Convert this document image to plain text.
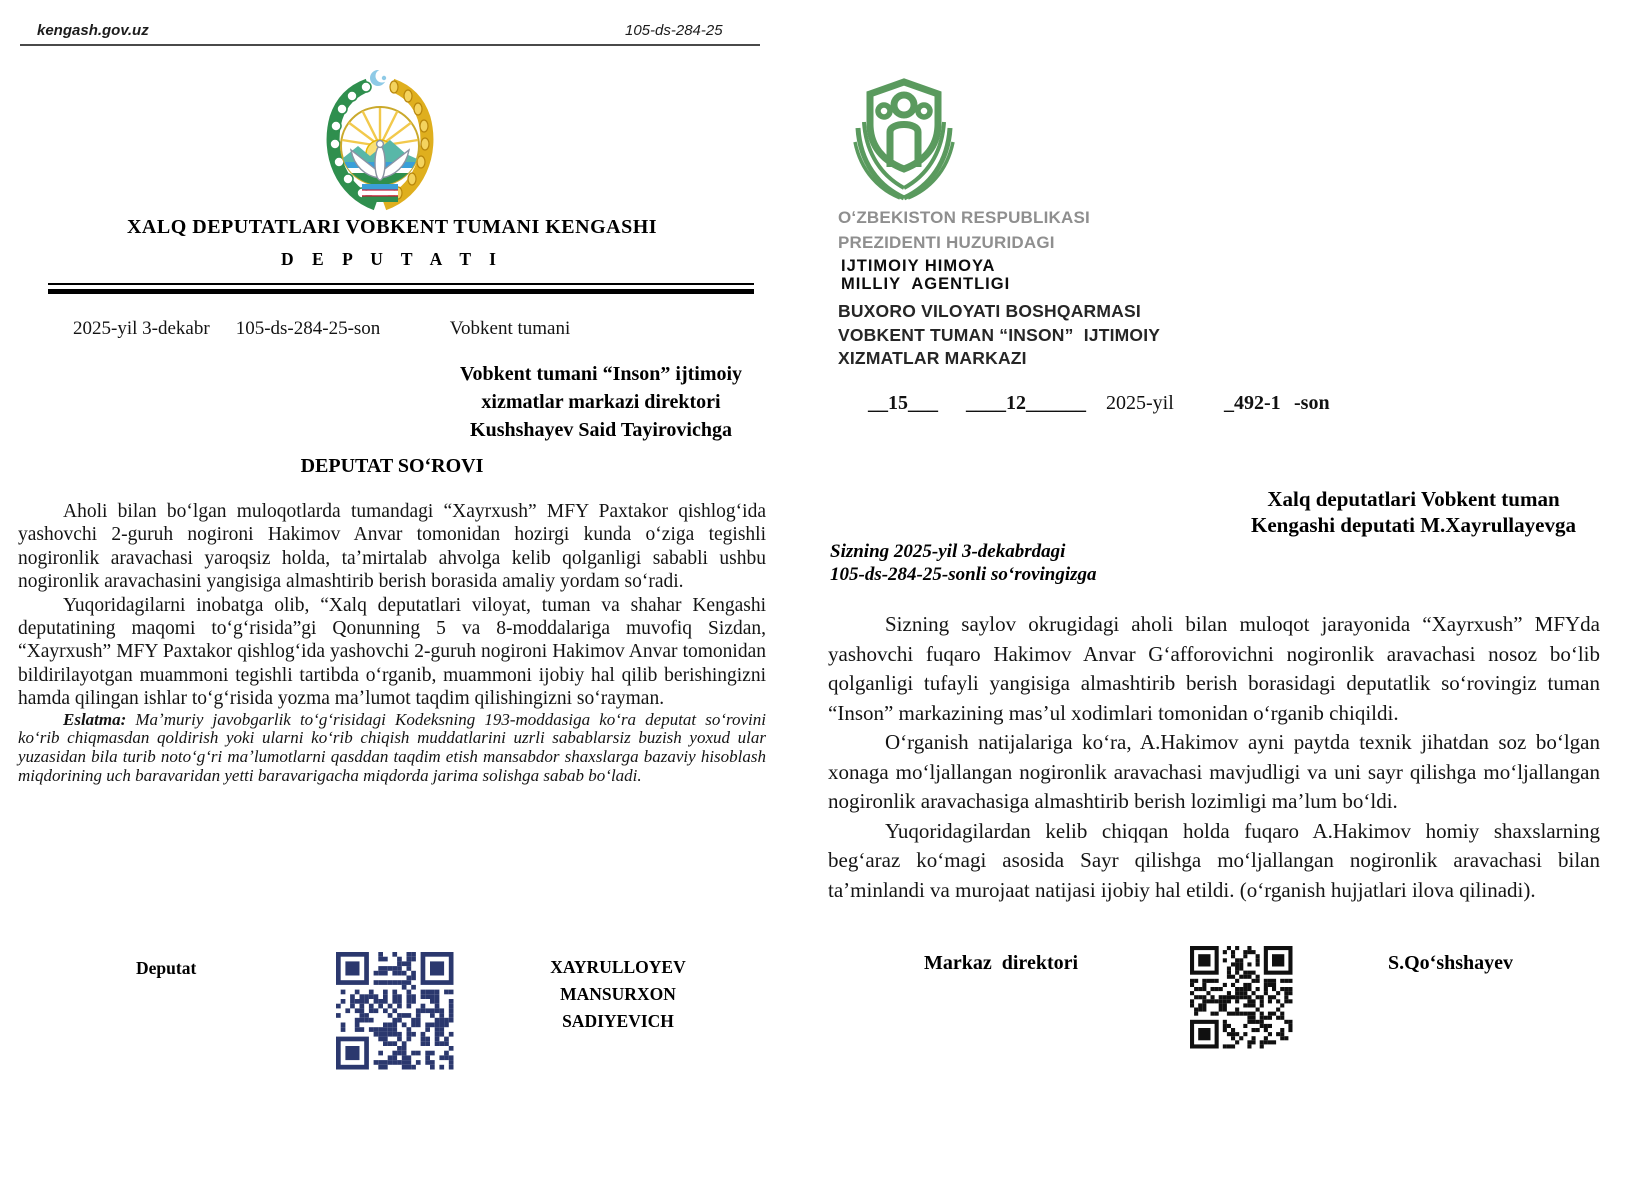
kengash.gov.uz	105-ds-284-25
XALQ DEPUTATLARI VOBKENT TUMANI KENGASHI
D E P U T A T I
2025-yil 3-dekabr	105-ds-284-25-son	Vobkent tumani
Vobkent tumani “Inson” ijtimoiy
xizmatlar markazi direktori
Kushshayev Said Tayirovichga
DEPUTAT SOʻROVI

Aholi bilan boʻlgan muloqotlarda tumandagi “Xayrxush” MFY Paxtakor qishlogʻida yashovchi 2-guruh nogironi Hakimov Anvar tomonidan hozirgi kunda oʻziga tegishli nogironlik aravachasi yaroqsiz holda, taʼmirtalab ahvolga kelib qolganligi sababli ushbu nogironlik aravachasini yangisiga almashtirib berish borasida amaliy yordam soʻradi.

Yuqoridagilarni inobatga olib, “Xalq deputatlari viloyat, tuman va shahar Kengashi deputatining maqomi toʻgʻrisida”gi Qonunning 5 va 8-moddalariga muvofiq Sizdan, “Xayrxush” MFY Paxtakor qishlogʻida yashovchi 2-guruh nogironi Hakimov Anvar tomonidan bildirilayotgan muammoni tegishli tartibda oʻrganib, muammoni ijobiy hal qilib berishingizni hamda qilingan ishlar toʻgʻrisida yozma maʼlumot taqdim qilishingizni soʻrayman.

Eslatma: Maʼmuriy javobgarlik toʻgʻrisidagi Kodeksning 193-moddasiga koʻra deputat soʻrovini koʻrib chiqmasdan qoldirish yoki ularni koʻrib chiqish muddatlarini uzrli sabablarsiz buzish yoxud ular yuzasidan bila turib notoʻgʻri maʼlumotlarni qasddan taqdim etish mansabdor shaxslarga bazaviy hisoblash miqdorining uch baravaridan yetti baravarigacha miqdorda jarima solishga sabab boʻladi.

Deputat	XAYRULLOYEV
MANSURXON
SADIYEVICH
OʻZBEKISTON RESPUBLIKASI
PREZIDENTI HUZURIDAGI
IJTIMOIY HIMOYA
MILLIY  AGENTLIGI
BUXORO VILOYATI BOSHQARMASI
VOBKENT TUMAN “INSON”  IJTIMOIY
XIZMATLAR MARKAZI
__15___ ____12______ 2025-yil	_492-1 -son
Xalq deputatlari Vobkent tuman
Kengashi deputati M.Xayrullayevga
Sizning 2025-yil 3-dekabrdagi
105-ds-284-25-sonli soʻrovingizga

Sizning saylov okrugidagi aholi bilan muloqot jarayonida “Xayrxush” MFYda yashovchi fuqaro Hakimov Anvar Gʻafforovichni nogironlik aravachasi nosoz boʻlib qolganligi tufayli yangisiga almashtirib berish borasidagi deputatlik soʻrovingiz tuman “Inson” markazining masʼul xodimlari tomonidan oʻrganib chiqildi.

Oʻrganish natijalariga koʻra, A.Hakimov ayni paytda texnik jihatdan soz boʻlgan xonaga moʻljallangan nogironlik aravachasi mavjudligi va uni sayr qilishga moʻljallangan nogironlik aravachasiga almashtirib berish lozimligi maʼlum boʻldi.

Yuqoridagilardan kelib chiqqan holda fuqaro A.Hakimov homiy shaxslarning begʻaraz koʻmagi asosida Sayr qilishga moʻljallangan nogironlik aravachasi bilan taʼminlandi va murojaat natijasi ijobiy hal etildi. (oʻrganish hujjatlari ilova qilinadi).

Markaz  direktori	S.Qoʻshshayev
